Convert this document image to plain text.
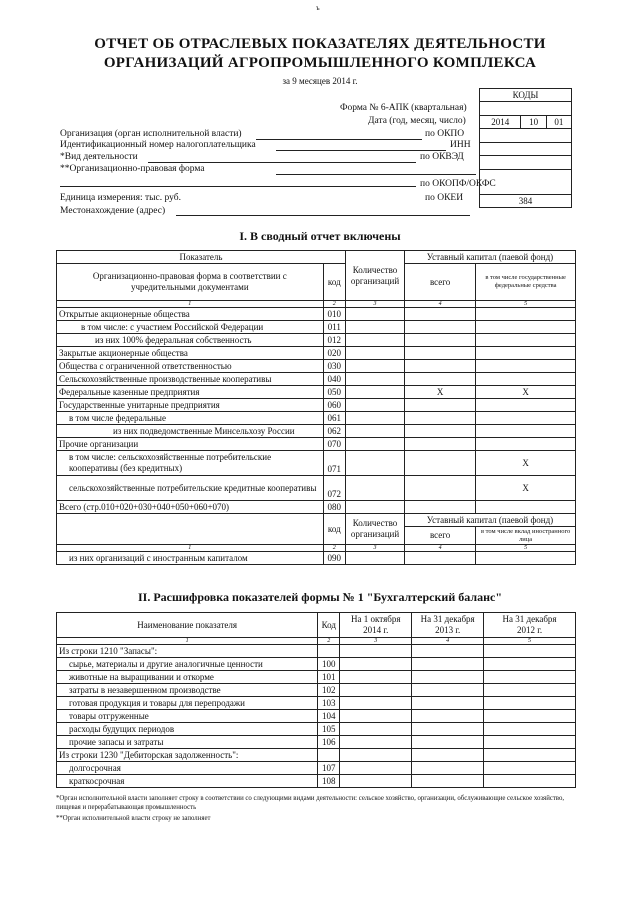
ъ
ОТЧЕТ ОБ ОТРАСЛЕВЫХ ПОКАЗАТЕЛЯХ ДЕЯТЕЛЬНОСТИ
ОРГАНИЗАЦИЙ АГРОПРОМЫШЛЕННОГО КОМПЛЕКСА
за 9 месяцев 2014 г.
КОДЫ

2014	10	01

384
Форма № 6-АПК (квартальная)
Дата (год, месяц, число)
Организация (орган исполнительной власти)	по ОКПО
Идентификационный номер налогоплательщика	ИНН
*Вид деятельности	по ОКВЭД
**Организационно-правовая форма
по ОКОПФ/ОКФС
Единица измерения: тыс. руб.	по ОКЕИ
Местонахождение (адрес)
I. В сводный отчет включены
Показатель		Количество организаций	Уставный капитал (паевой фонд)	
Организационно-правовая форма в соответствии с учредительными документами	код		всего	в том числе государственные федеральные средства
1	2	3	4	5
Открытые акционерные общества	010			
в том числе: с участием Российской Федерации	011			
из них 100% федеральная собственность	012			
Закрытые акционерные общества	020			
Общества с ограниченной ответственностью	030			
Сельскохозяйственные производственные кооперативы	040			
Федеральные казенные предприятия	050		X	X
Государственные унитарные предприятия	060			
в том числе федеральные	061			
из них подведомственные Минсельхозу России	062			
Прочие организации	070			
в том числе: сельскохозяйственные потребительские кооперативы (без кредитных)	071			X
сельскохозяйственные потребительские кредитные кооперативы	072			X
Всего (стр.010+020+030+040+050+060+070)	080			
	код	Количество организаций	Уставный капитал (паевой фонд)	
			всего	в том числе вклад иностранного лица
1	2	3	4	5
из них организаций с иностранным капиталом	090			
II. Расшифровка показателей формы № 1 "Бухгалтерский баланс"
Наименование показателя	Код	На 1 октября 2014 г.	На 31 декабря 2013 г.	На 31 декабря 2012 г.
1	2	3	4	5
Из строки 1210 "Запасы":				
сырье, материалы и другие аналогичные ценности	100			
животные на выращивании и откорме	101			
затраты в незавершенном производстве	102			
готовая продукция и товары для перепродажи	103			
товары отгруженные	104			
расходы будущих периодов	105			
прочие запасы и затраты	106			
Из строки 1230 "Дебиторская задолженность":				
долгосрочная	107			
краткосрочная	108			
*Орган исполнительной власти заполняет строку в соответствии со следующими видами деятельности: сельское хозяйство, организации, обслуживающие сельское хозяйство, пищевая и перерабатывающая промышленность
**Орган исполнительной власти строку не заполняет
